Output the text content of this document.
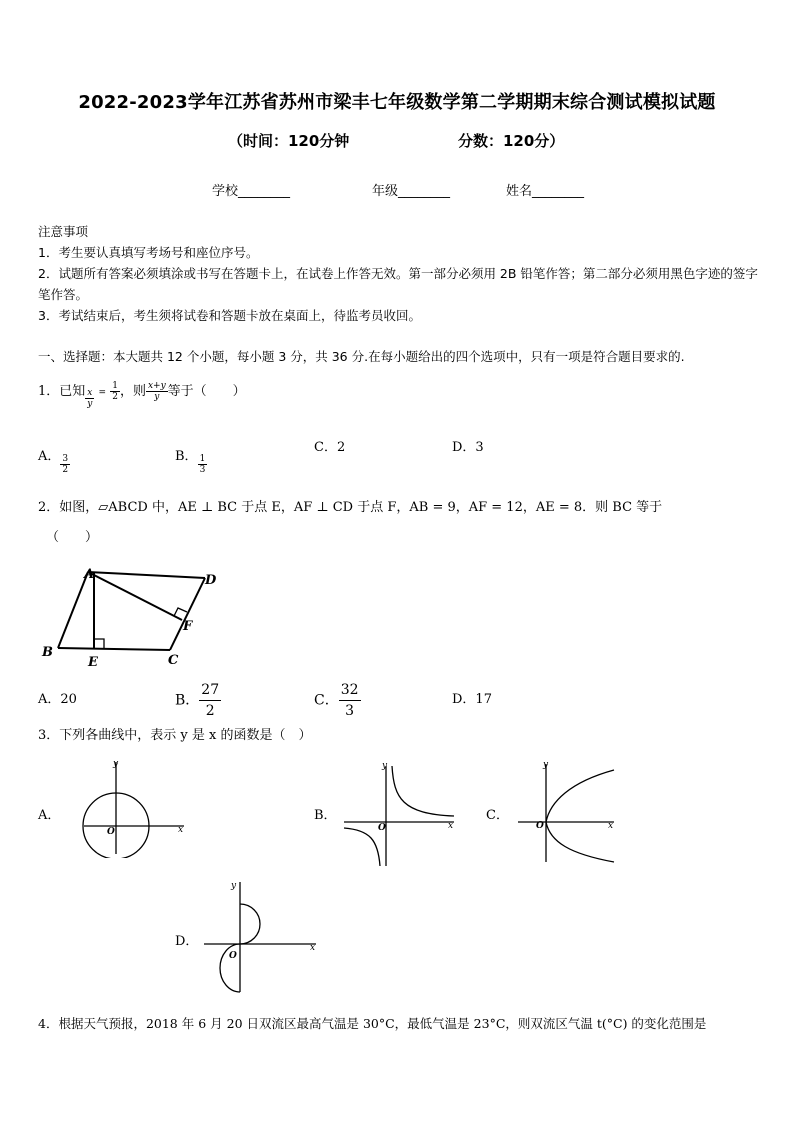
2022-2023学年江苏省苏州市梁丰七年级数学第二学期期末综合测试模拟试题
（时间：120分钟	分数：120分）
学校________	年级________	姓名________
注意事项
1．考生要认真填写考场号和座位序号。
2．试题所有答案必须填涂或书写在答题卡上，在试卷上作答无效。第一部分必须用 2B 铅笔作答；第二部分必须用黑色字迹的签字笔作答。
3．考试结束后，考生须将试卷和答题卡放在桌面上，待监考员收回。
一、选择题：本大题共 12 个小题，每小题 3 分，共 36 分.在每小题给出的四个选项中，只有一项是符合题目要求的.
1．已知 $\frac{x}{y} = \frac{1}{2}$ ，则 $\frac{x+y}{y}$ 等于（　　）
A． $\frac{3}{2}$	B． $\frac{1}{3}$
C．2	D．3
2．如图，▱ABCD 中，AE ⊥ BC 于点 E，AF ⊥ CD 于点 F，AB = 9，AF = 12，AE = 8．则 BC 等于
（　　）
A	D
F
B
E	C
A．20	B． $\frac{27}{2}$	C． $\frac{32}{3}$	D．17
3．下列各曲线中，表示 y 是 x 的函数是（　）
A．
x
y
O
B．
x
y
O
C．
x
y
O
D．	x
y
O
4．根据天气预报，2018 年 6 月 20 日双流区最高气温是 30°C，最低气温是 23°C，则双流区气温 t(°C) 的变化范围是
